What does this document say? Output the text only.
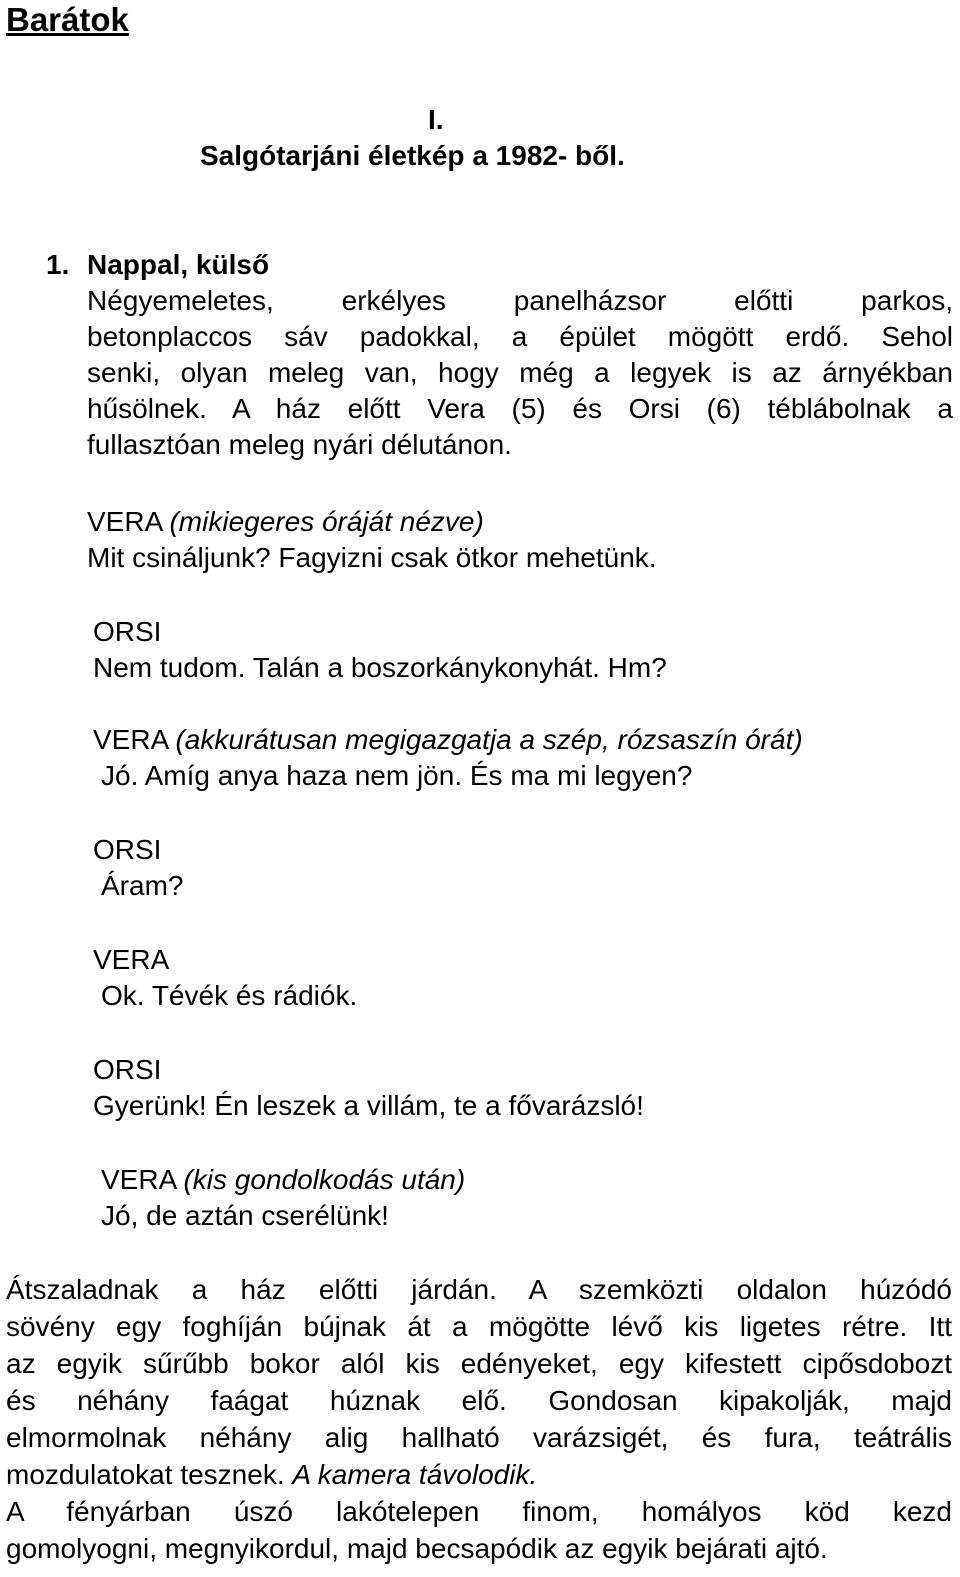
Barátok
I.
Salgótarjáni életkép a 1982- ből.
1. Nappal, külső
Négyemeletes, erkélyes panelházsor előtti parkos,
betonplaccos sáv padokkal, a épület mögött erdő. Sehol
senki, olyan meleg van, hogy még a legyek is az árnyékban
hűsölnek. A ház előtt Vera (5) és Orsi (6) téblábolnak a
fullasztóan meleg nyári délutánon.
VERA (mikiegeres óráját nézve)
Mit csináljunk? Fagyizni csak ötkor mehetünk.
ORSI
Nem tudom. Talán a boszorkánykonyhát. Hm?
VERA (akkurátusan megigazgatja a szép, rózsaszín órát)
Jó. Amíg anya haza nem jön. És ma mi legyen?
ORSI
Áram?
VERA
Ok. Tévék és rádiók.
ORSI
Gyerünk! Én leszek a villám, te a fővarázsló!
VERA (kis gondolkodás után)
Jó, de aztán cserélünk!
Átszaladnak a ház előtti járdán. A szemközti oldalon húzódó
sövény egy foghíján bújnak át a mögötte lévő kis ligetes rétre. Itt
az egyik sűrűbb bokor alól kis edényeket, egy kifestett cipősdobozt
és néhány faágat húznak elő. Gondosan kipakolják, majd
elmormolnak néhány alig hallható varázsigét, és fura, teátrális
mozdulatokat tesznek. A kamera távolodik.
A fényárban úszó lakótelepen finom, homályos köd kezd
gomolyogni, megnyikordul, majd becsapódik az egyik bejárati ajtó.
